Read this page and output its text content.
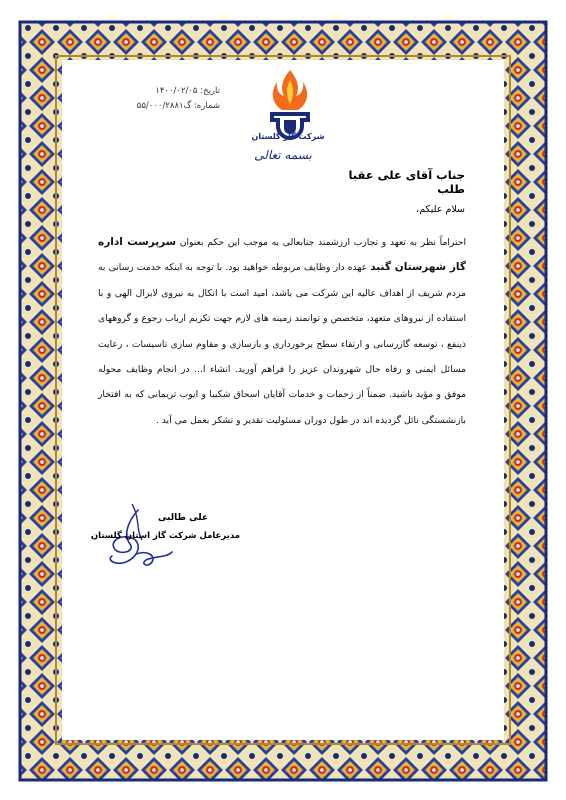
تاریخ: ۱۴۰۰/۰۲/۰۵
شماره: گ۵۵/۰۰۰/۲۸۸۱
شرکت گاز گلستان
بسمه تعالی
جناب آقای علی عقبا طلب
سلام علیکم،

احتراماً نظر به تعهد و تجارب ارزشمند جنابعالی به موجب این حکم بعنوان سرپرست اداره گاز شهرستان گنبد عهده دار وظایف مربوطه خواهید بود. با توجه به اینکه خدمت رسانی به مردم شریف از اهداف عالیه این شرکت می باشد، امید است با اتکال به نیروی لایزال الهی و با استفاده از نیروهای متعهد، متخصص و توانمند زمینه های لازم جهت تکریم ارباب رجوع و گروههای ذینفع ، توسعه گازرسانی و ارتقاء سطح برخورداری و بازسازی و مقاوم سازی تاسیسات ، رعایت مسائل ایمنی و رفاه حال شهروندان عزیز را فراهم آورید. انشاء ا... در انجام وظایف محوله موفق و مؤید باشید. ضمناً از زحمات و خدمات آقایان اسحاق شکیبا و ایوب تریمانی که به افتخار بازنشستگی نائل گردیده اند در طول دوران مسئولیت تقدیر و تشکر بعمل می آید .

علی طالبی
مدیرعامل شرکت گاز استان گلستان
